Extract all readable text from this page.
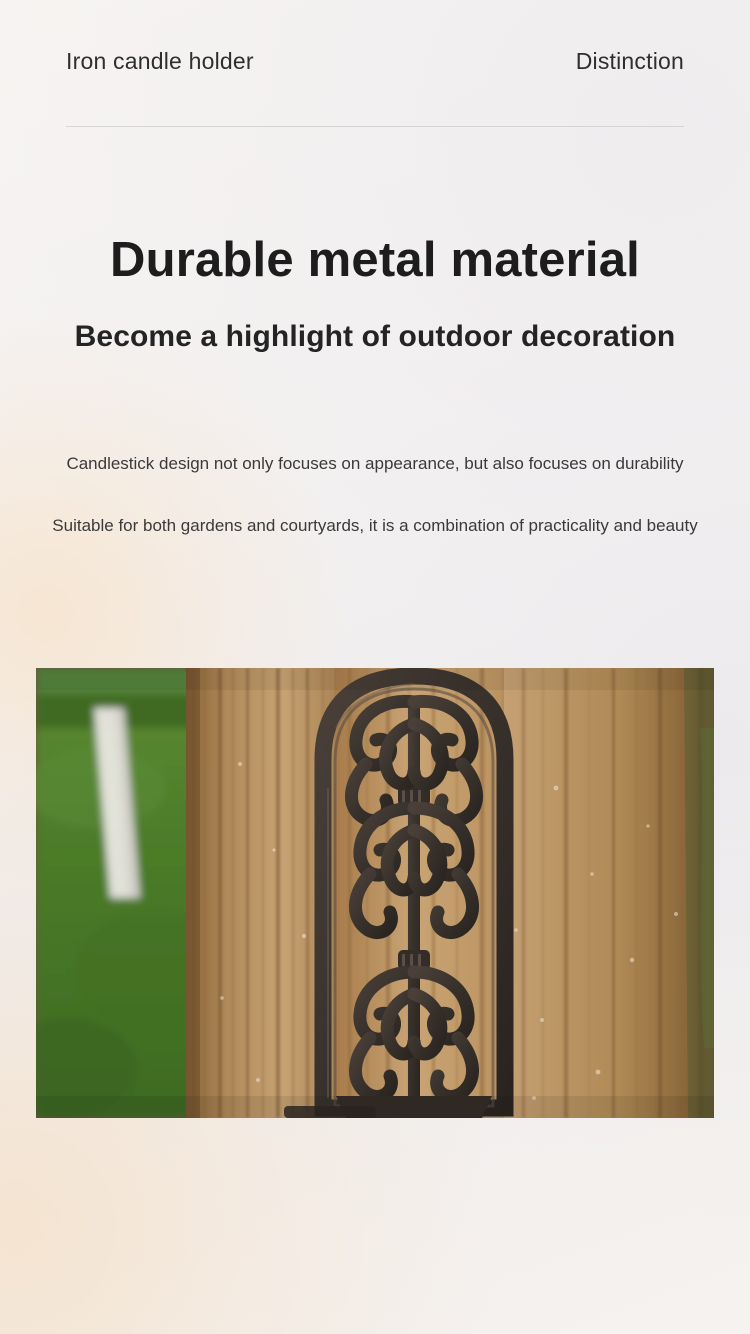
Iron candle holder	Distinction
Durable metal material
Become a highlight of outdoor decoration
Candlestick design not only focuses on appearance, but also focuses on durability
Suitable for both gardens and courtyards, it is a combination of practicality and beauty
